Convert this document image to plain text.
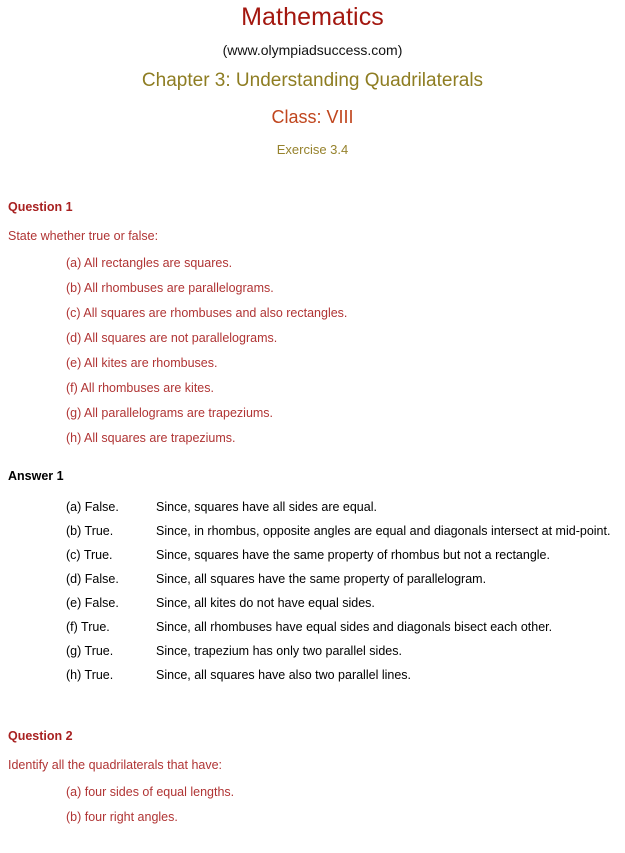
Mathematics
(www.olympiadsuccess.com)
Chapter 3: Understanding Quadrilaterals
Class: VIII
Exercise 3.4
Question 1
State whether true or false:
(a) All rectangles are squares.
(b) All rhombuses are parallelograms.
(c) All squares are rhombuses and also rectangles.
(d) All squares are not parallelograms.
(e) All kites are rhombuses.
(f) All rhombuses are kites.
(g) All parallelograms are trapeziums.
(h) All squares are trapeziums.
Answer 1
(a) False.	Since, squares have all sides are equal.
(b) True.	Since, in rhombus, opposite angles are equal and diagonals intersect at mid-point.
(c) True.	Since, squares have the same property of rhombus but not a rectangle.
(d) False.	Since, all squares have the same property of parallelogram.
(e) False.	Since, all kites do not have equal sides.
(f) True.	Since, all rhombuses have equal sides and diagonals bisect each other.
(g) True.	Since, trapezium has only two parallel sides.
(h) True.	Since, all squares have also two parallel lines.
Question 2
Identify all the quadrilaterals that have:
(a) four sides of equal lengths.
(b) four right angles.
